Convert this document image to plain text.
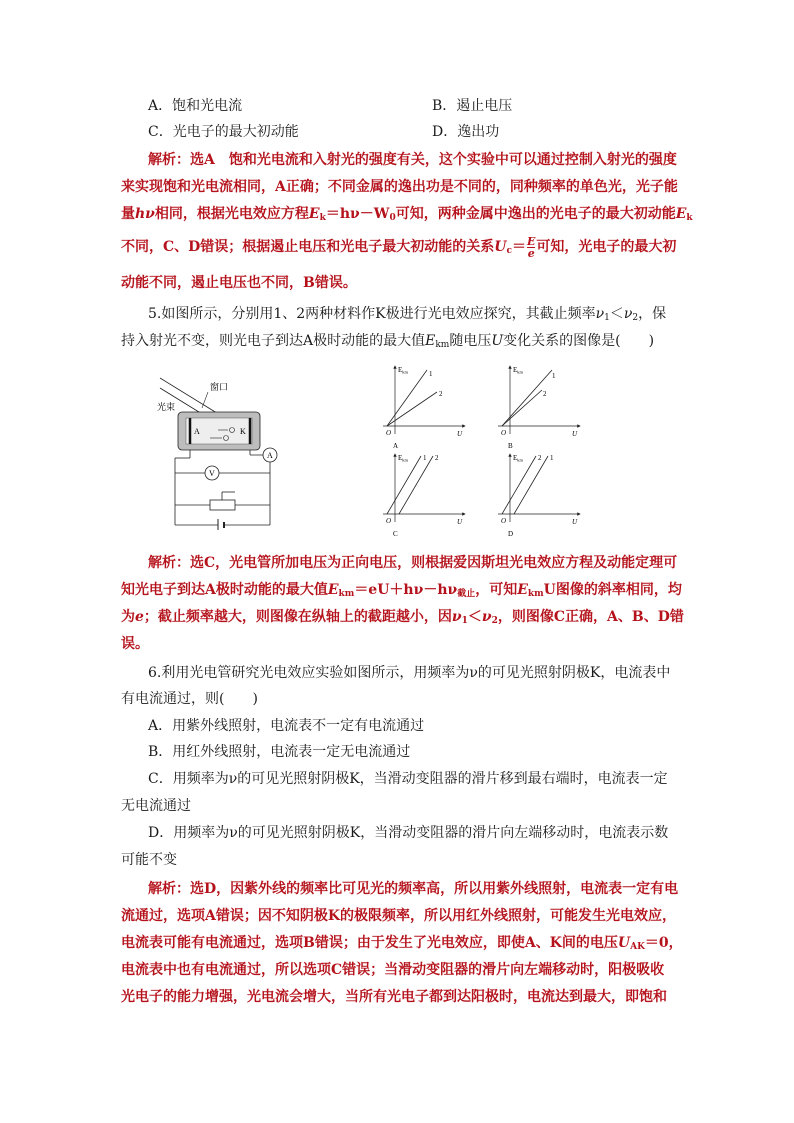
A．饱和光电流	B．遏止电压
C．光电子的最大初动能	D．逸出功
解析：选A　饱和光电流和入射光的强度有关，这个实验中可以通过控制入射光的强度
来实现饱和光电流相同，A正确；不同金属的逸出功是不同的，同种频率的单色光，光子能
量hν相同，根据光电效应方程$E_k=h\nu-W_0$可知，两种金属中逸出的光电子的最大初动能$E_k$
不同，C、D错误；根据遏止电压和光电子最大初动能的关系$U_c= \frac{E}{e}$ 可知，光电子的最大初
动能不同，遏止电压也不同，B错误。
5.如图所示，分别用1、2两种材料作K极进行光电效应探究，其截止频率$\nu_1<\nu_2$，保
持入射光不变，则光电子到达A极时动能的最大值$E_{km}$随电压U变化关系的图像是(　　)
光束
窗口
A	K
A
V
$E_{km}$
O	U
1
2
A
$E_{km}$
O	U
1
2
B
$E_{km}$
O	U
1 2
C
$E_{km}$
O	U
1
2
D
解析：选C，光电管所加电压为正向电压，则根据爱因斯坦光电效应方程及动能定理可
知光电子到达A极时动能的最大值$E_{km}=eU+h\nu-h\nu_{截止}$，可知$E_{km}U$图像的斜率相同，均
为e；截止频率越大，则图像在纵轴上的截距越小，因$\nu_1<\nu_2$，则图像C正确，A、B、D错
误。
6.利用光电管研究光电效应实验如图所示，用频率为ν的可见光照射阴极K，电流表中
有电流通过，则(　　)
A．用紫外线照射，电流表不一定有电流通过
B．用红外线照射，电流表一定无电流通过
C．用频率为ν的可见光照射阴极K，当滑动变阻器的滑片移到最右端时，电流表一定
无电流通过
D．用频率为ν的可见光照射阴极K，当滑动变阻器的滑片向左端移动时，电流表示数
可能不变
解析：选D，因紫外线的频率比可见光的频率高，所以用紫外线照射，电流表一定有电
流通过，选项A错误；因不知阴极K的极限频率，所以用红外线照射，可能发生光电效应，
电流表可能有电流通过，选项B错误；由于发生了光电效应，即使A、K间的电压$U_{AK}=0$，
电流表中也有电流通过，所以选项C错误；当滑动变阻器的滑片向左端移动时，阳极吸收
光电子的能力增强，光电流会增大，当所有光电子都到达阳极时，电流达到最大，即饱和
